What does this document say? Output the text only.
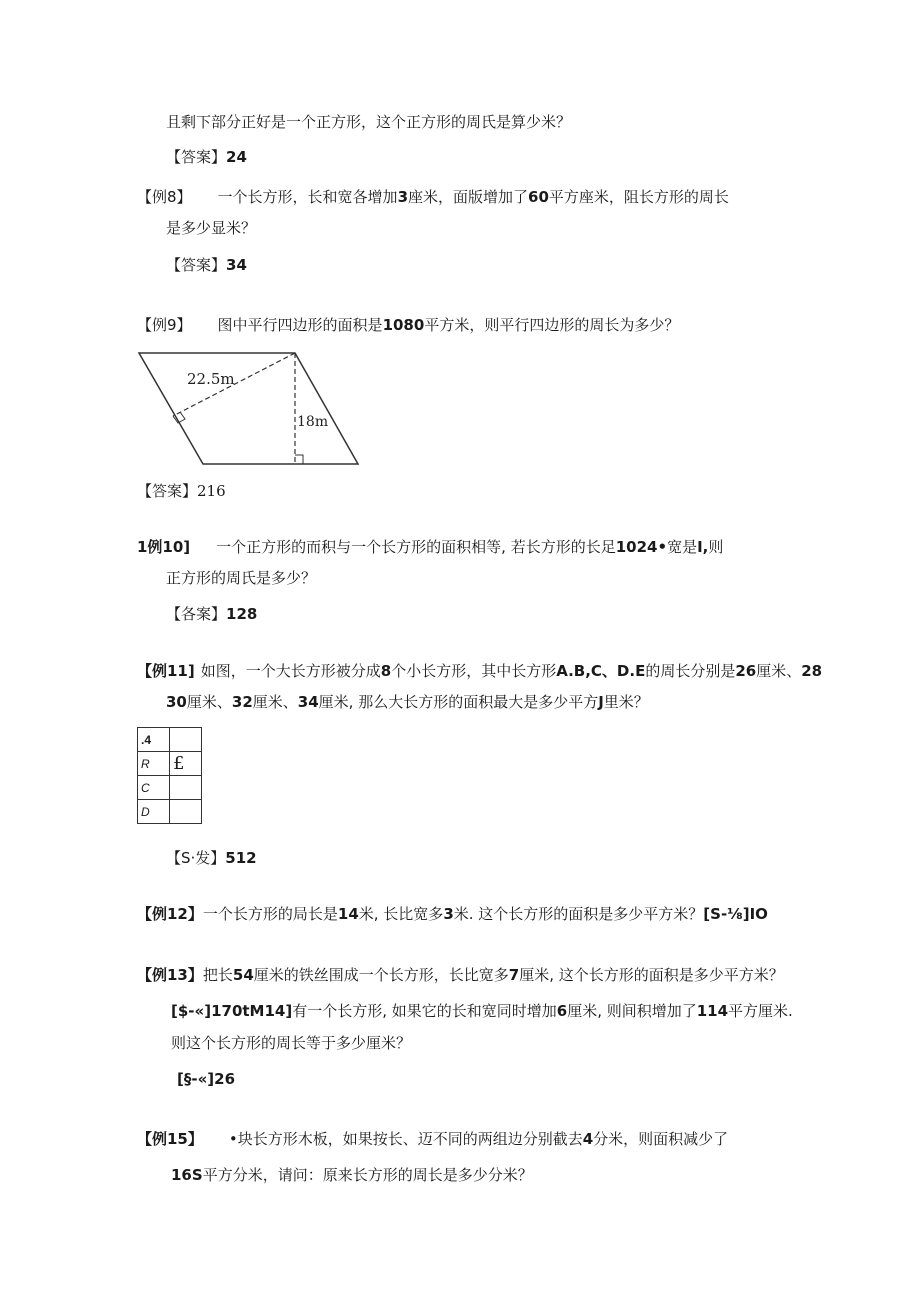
且剩下部分正好是一个正方形，这个正方形的周氏是算少米？
【答案】24
【例8】 一个长方形，长和宽各增加3座米，面版增加了60平方座米，阻长方形的周长
是多少显米？
【答案】34
【例9】 图中平行四边形的面积是1080平方米，则平行四边形的周长为多少？
22.5m
18m
【答案】216
1例10] 一个正方形的而积与一个长方形的面积相等, 若长方形的长足1024•宽是I,则
正方形的周氏是多少？
【各案】128
【例11] 如图，一个大长方形被分成8个小长方形，其中长方形A.B,C、D.E的周长分别是26厘米、28
30厘米、32厘米、34厘米, 那么大长方形的面积最大是多少平方J里米？
.4	
R	£
C	
D	
【S·发】512
【例12】一个长方形的局长是14米, 长比宽多3米. 这个长方形的面积是多少平方米？[S-⅛]IO
【例13】把长54厘米的铁丝围成一个长方形，长比宽多7厘米, 这个长方形的面积是多少平方米？
[$-«]170tM14]有一个长方形, 如果它的长和宽同时增加6厘米, 则间积增加了114平方厘米.
则这个长方形的周长等于多少厘米？
[§-«]26
【例15】 •块长方形木板，如果按长、迈不同的两组边分别截去4分米，则面积减少了
16S平方分米，请问：原来长方形的周长是多少分米？
